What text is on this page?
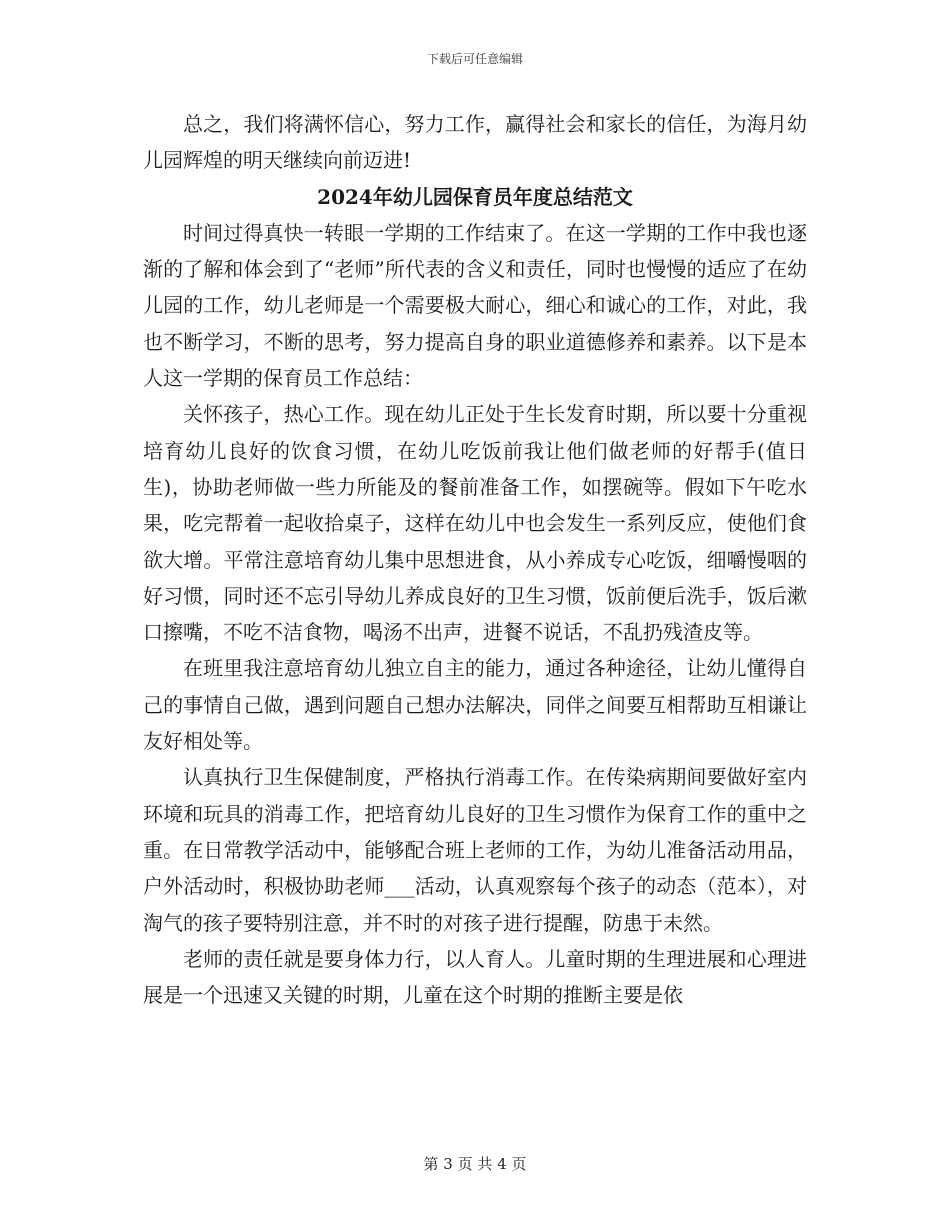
下载后可任意编辑

总之，我们将满怀信心，努力工作，赢得社会和家长的信任，为海月幼儿园辉煌的明天继续向前迈进!

2024年幼儿园保育员年度总结范文

时间过得真快一转眼一学期的工作结束了。在这一学期的工作中我也逐渐的了解和体会到了“老师”所代表的含义和责任，同时也慢慢的适应了在幼儿园的工作，幼儿老师是一个需要极大耐心，细心和诚心的工作，对此，我也不断学习，不断的思考，努力提高自身的职业道德修养和素养。以下是本人这一学期的保育员工作总结：

关怀孩子，热心工作。现在幼儿正处于生长发育时期，所以要十分重视培育幼儿良好的饮食习惯，在幼儿吃饭前我让他们做老师的好帮手(值日生)，协助老师做一些力所能及的餐前准备工作，如摆碗等。假如下午吃水果，吃完帮着一起收拾桌子，这样在幼儿中也会发生一系列反应，使他们食欲大增。平常注意培育幼儿集中思想进食，从小养成专心吃饭，细嚼慢咽的好习惯，同时还不忘引导幼儿养成良好的卫生习惯，饭前便后洗手，饭后漱口擦嘴，不吃不洁食物，喝汤不出声，进餐不说话，不乱扔残渣皮等。

在班里我注意培育幼儿独立自主的能力，通过各种途径，让幼儿懂得自己的事情自己做，遇到问题自己想办法解决，同伴之间要互相帮助互相谦让友好相处等。

认真执行卫生保健制度，严格执行消毒工作。在传染病期间要做好室内环境和玩具的消毒工作，把培育幼儿良好的卫生习惯作为保育工作的重中之重。在日常教学活动中，能够配合班上老师的工作，为幼儿准备活动用品，户外活动时，积极协助老师___活动，认真观察每个孩子的动态（范本），对淘气的孩子要特别注意，并不时的对孩子进行提醒，防患于未然。

老师的责任就是要身体力行，以人育人。儿童时期的生理进展和心理进展是一个迅速又关键的时期，儿童在这个时期的推断主要是依

第 3 页 共 4 页
